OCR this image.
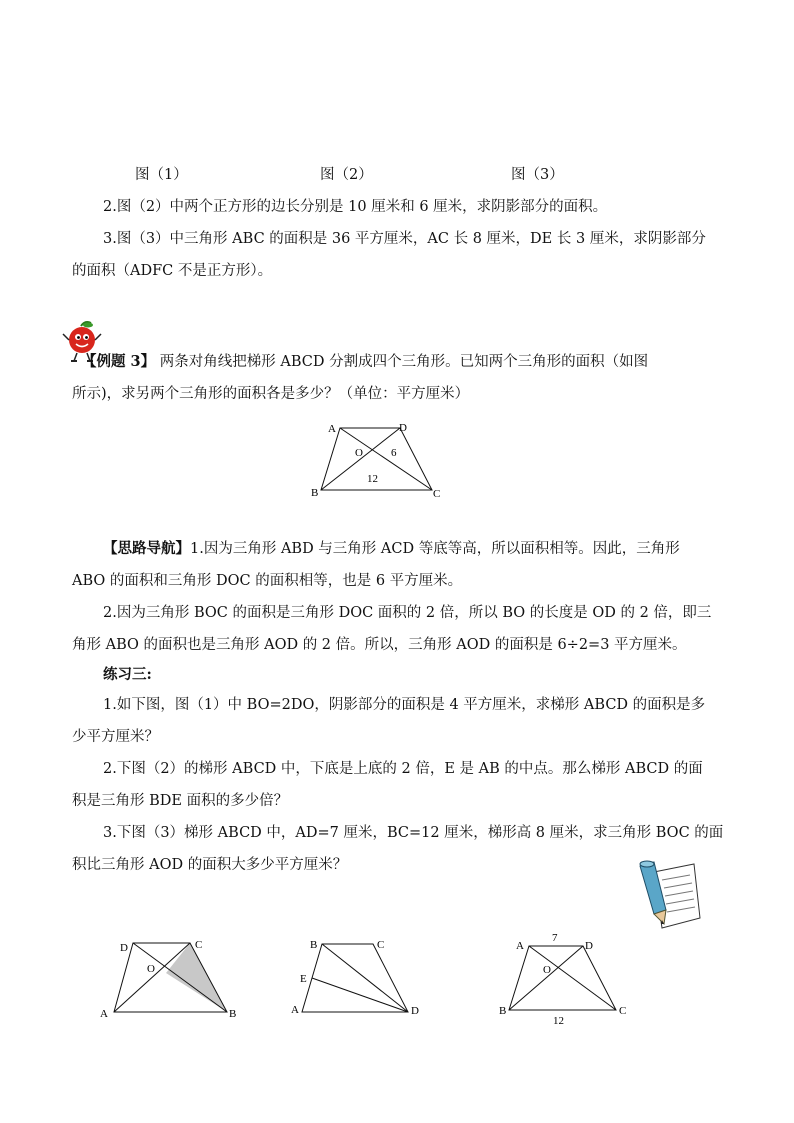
图（1）	图（2）	图（3）
2.图（2）中两个正方形的边长分别是 10 厘米和 6 厘米，求阴影部分的面积。
3.图（3）中三角形 ABC 的面积是 36 平方厘米，AC 长 8 厘米，DE 长 3 厘米，求阴影部分
的面积（ADFC 不是正方形）。
【例题 3】 两条对角线把梯形 ABCD 分割成四个三角形。已知两个三角形的面积（如图
所示)，求另两个三角形的面积各是多少？（单位：平方厘米）
A	D
O	6
12
B	C
【思路导航】1.因为三角形 ABD 与三角形 ACD 等底等高，所以面积相等。因此，三角形
ABO 的面积和三角形 DOC 的面积相等，也是 6 平方厘米。
2.因为三角形 BOC 的面积是三角形 DOC 面积的 2 倍，所以 BO 的长度是 OD 的 2 倍，即三
角形 ABO 的面积也是三角形 AOD 的 2 倍。所以，三角形 AOD 的面积是 6÷2=3 平方厘米。
练习三:
1.如下图，图（1）中 BO=2DO，阴影部分的面积是 4 平方厘米，求梯形 ABCD 的面积是多
少平方厘米？
2.下图（2）的梯形 ABCD 中，下底是上底的 2 倍，E 是 AB 的中点。那么梯形 ABCD 的面
积是三角形 BDE 面积的多少倍？
3.下图（3）梯形 ABCD 中，AD=7 厘米，BC=12 厘米，梯形高 8 厘米，求三角形 BOC 的面
积比三角形 AOD 的面积大多少平方厘米？
D	C
O
A	B
B	C
E
A	D
7
A	D
O
B	C
12
